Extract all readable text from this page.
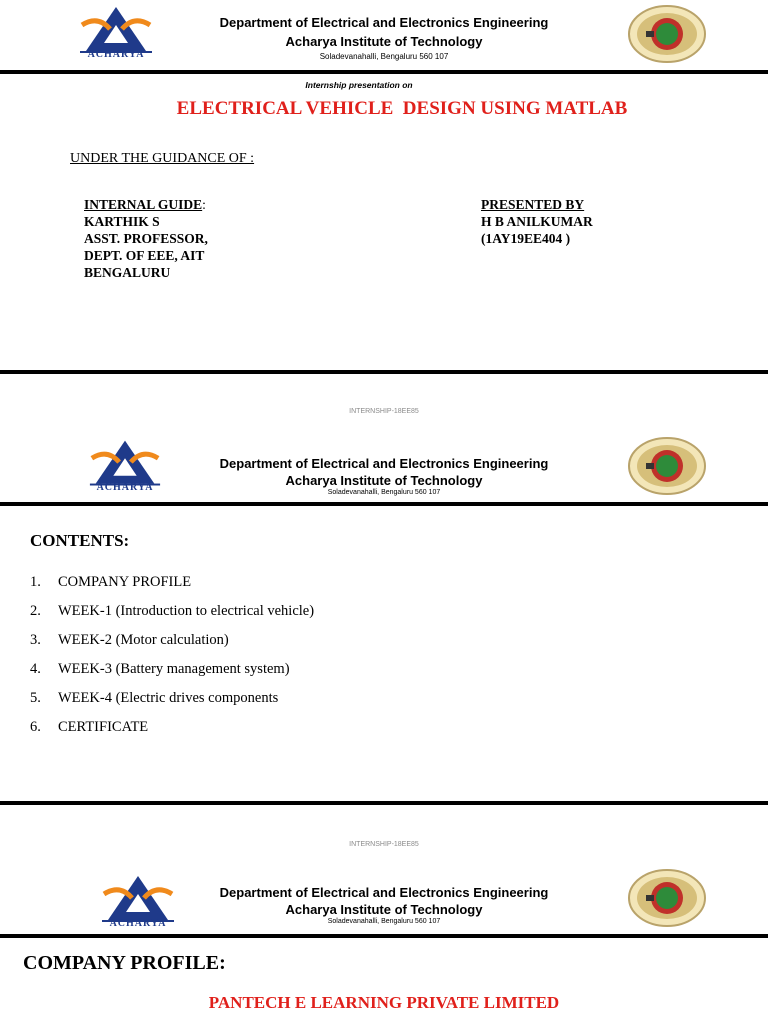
ACHARYA
Department of Electrical and Electronics Engineering
Acharya Institute of Technology
Soladevanahalli, Bengaluru 560 107
Internship presentation on
ELECTRICAL VEHICLE  DESIGN USING MATLAB
UNDER THE GUIDANCE OF :
INTERNAL GUIDE:
KARTHIK S
ASST. PROFESSOR,
DEPT. OF EEE, AIT
BENGALURU
PRESENTED BY
H B ANILKUMAR
(1AY19EE404 )
INTERNSHIP-18EE85
ACHARYA
Department of Electrical and Electronics Engineering
Acharya Institute of Technology
Soladevanahalli, Bengaluru 560 107
CONTENTS:
1.	COMPANY PROFILE
2.	WEEK-1 (Introduction to electrical vehicle)
3.	WEEK-2 (Motor calculation)
4.	WEEK-3 (Battery management system)
5.	WEEK-4 (Electric drives components
6.	CERTIFICATE
INTERNSHIP-18EE85
ACHARYA
Department of Electrical and Electronics Engineering
Acharya Institute of Technology
Soladevanahalli, Bengaluru 560 107
COMPANY PROFILE:
PANTECH E LEARNING PRIVATE LIMITED
